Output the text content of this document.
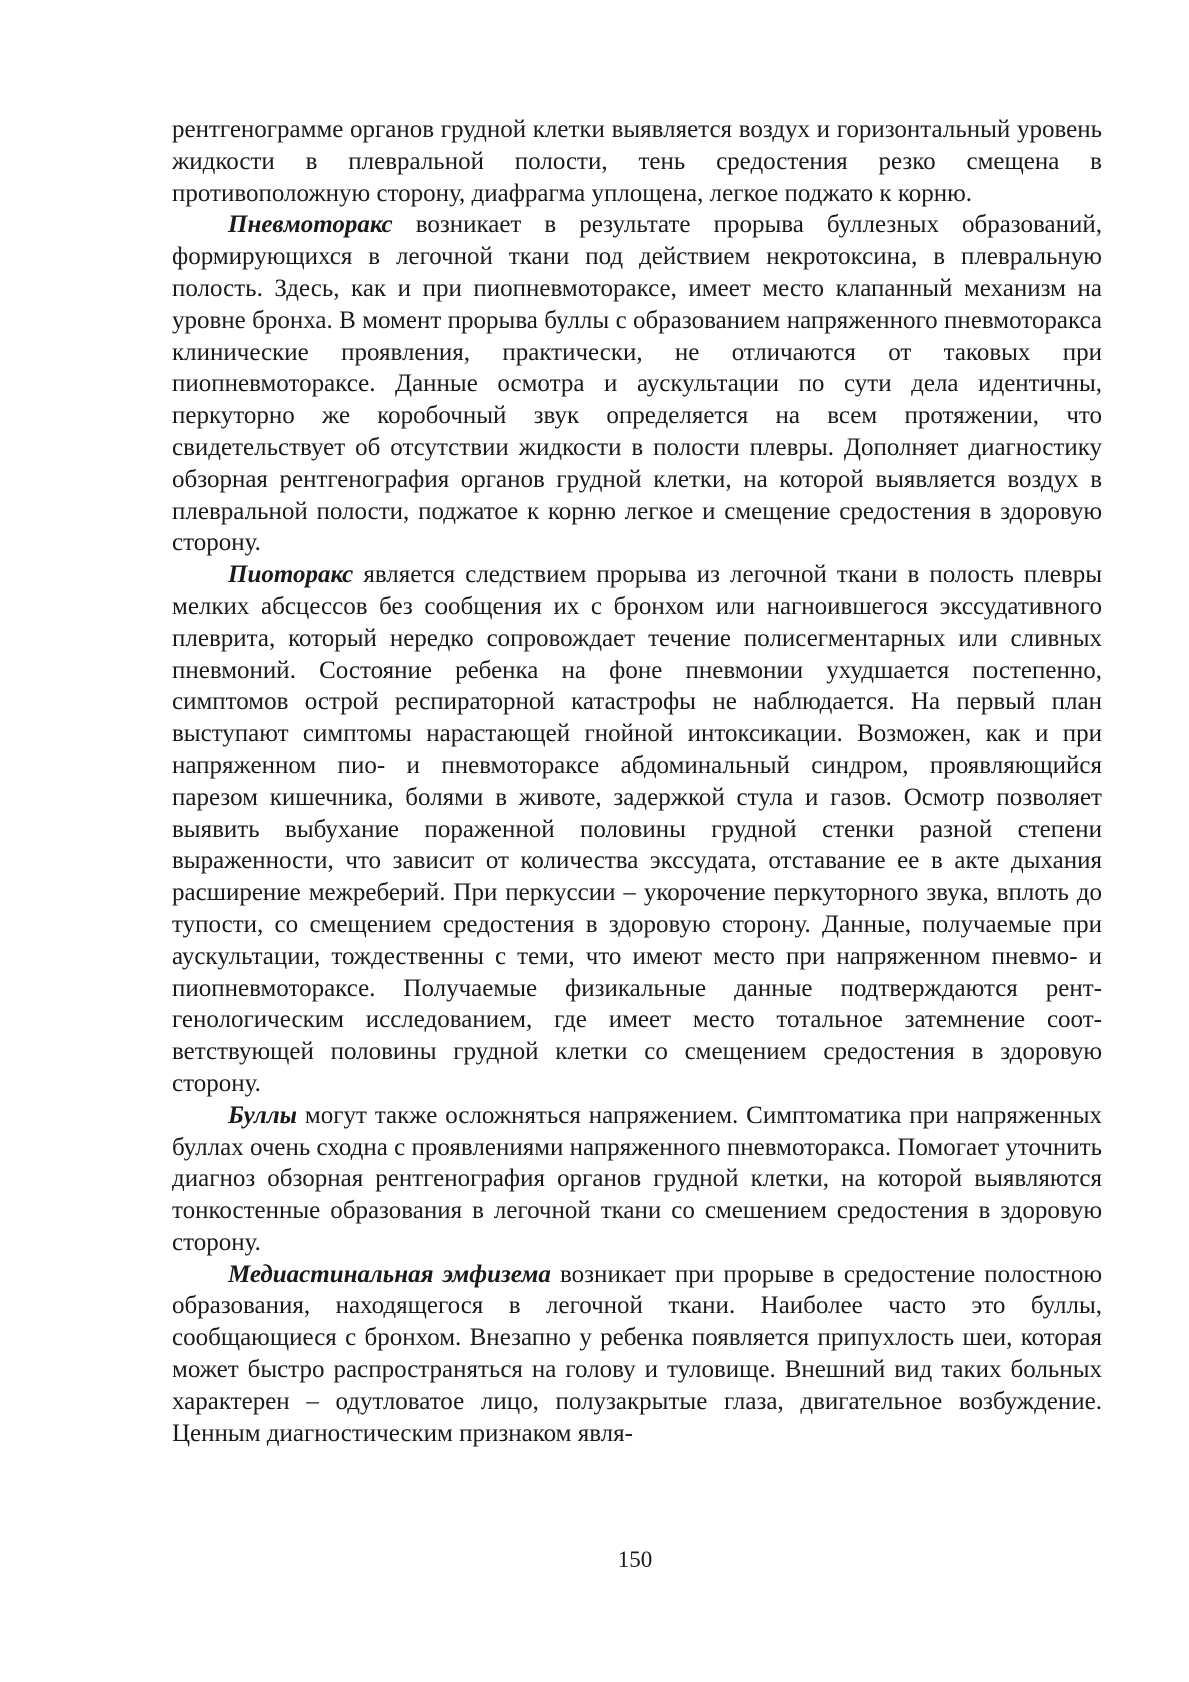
рентгенограмме органов грудной клетки выявляется воздух и горизонтальный уровень жидкости в плевральной полости, тень средостения резко смещена в противоположную сторону, диафрагма уплощена, легкое поджато к корню.

Пневмоторакс возникает в результате прорыва буллезных образований, формирующихся в легочной ткани под действием некротоксина, в плевральную полость. Здесь, как и при пиопневмотораксе, имеет место клапанный механизм на уровне бронха. В момент прорыва буллы с образованием напряженного пневмоторакса клинические проявления, практически, не отличаются от таковых при пиопневмотораксе. Данные осмотра и аускультации по сути дела идентичны, перкуторно же коробочный звук определяется на всем протяжении, что свидетельствует об отсутствии жидкости в полости плевры. Дополняет диагностику обзорная рентгенография органов грудной клетки, на которой выявляется воздух в плевральной полости, поджатое к корню легкое и смещение средостения в здоровую сторону.

Пиоторакс является следствием прорыва из легочной ткани в полость плевры мелких абсцессов без сообщения их с бронхом или нагноившегося экссудативного плеврита, который нередко сопровождает течение полисегментарных или сливных пневмоний. Состояние ребенка на фоне пневмонии ухудшается постепенно, симптомов острой респираторной катастрофы не наблюдается. На первый план выступают симптомы нарастающей гнойной интоксикации. Возможен, как и при напряженном пио- и пневмотораксе абдоминальный синдром, проявляющийся парезом кишечника, болями в животе, задержкой стула и газов. Осмотр позволяет выявить выбухание пораженной половины грудной стенки разной степени выраженности, что зависит от количества экссудата, отставание ее в акте дыхания расширение межреберий. При перкуссии – укорочение перкуторного звука, вплоть до тупости, со смещением средостения в здоровую сторону. Данные, получаемые при аускультации, тождественны с теми, что имеют место при напряженном пневмо- и пиопневмотораксе. Получаемые физикальные данные подтверждаются рентгенологическим исследованием, где имеет место тотальное затемнение соответствующей половины грудной клетки со смещением средостения в здоровую сторону.

Буллы могут также осложняться напряжением. Симптоматика при напряженных буллах очень сходна с проявлениями напряженного пневмоторакса. Помогает уточнить диагноз обзорная рентгенография органов грудной клетки, на которой выявляются тонкостенные образования в легочной ткани со смешением средостения в здоровую сторону.

Медиастинальная эмфизема возникает при прорыве в средостение полостною образования, находящегося в легочной ткани. Наиболее часто это буллы, сообщающиеся с бронхом. Внезапно у ребенка появляется припухлость шеи, которая может быстро распространяться на голову и туловище. Внешний вид таких больных характерен – одутловатое лицо, полузакрытые глаза, двигательное возбуждение. Ценным диагностическим признаком явля-

150
